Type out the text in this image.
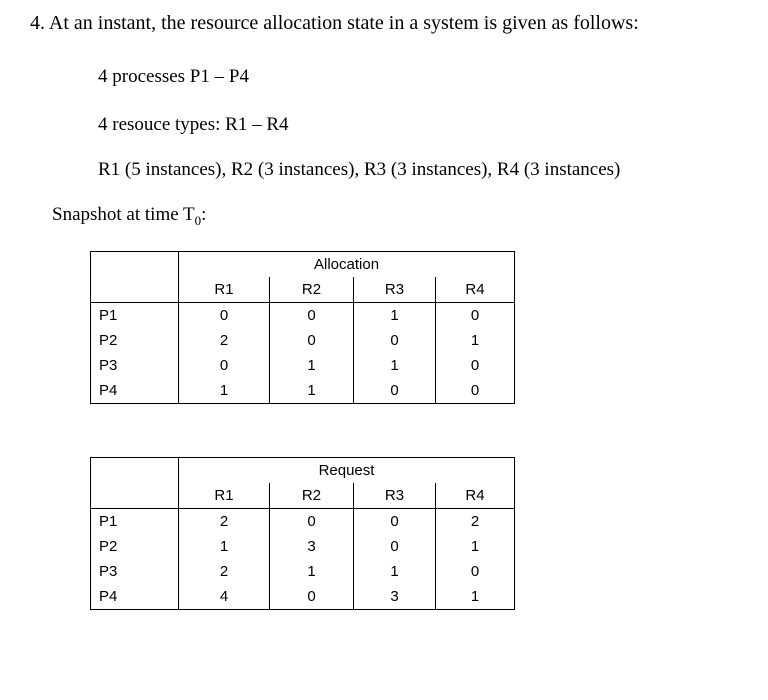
4. At an instant, the resource allocation state in a system is given as follows:
4 processes P1 – P4
4 resouce types: R1 – R4
R1 (5 instances), R2 (3 instances), R3 (3 instances), R4 (3 instances)
Snapshot at time $T_0$:
	Allocation			
	R1	R2	R3	R4
P1	0	0	1	0
P2	2	0	0	1
P3	0	1	1	0
P4	1	1	0	0
	Request			
	R1	R2	R3	R4
P1	2	0	0	2
P2	1	3	0	1
P3	2	1	1	0
P4	4	0	3	1
